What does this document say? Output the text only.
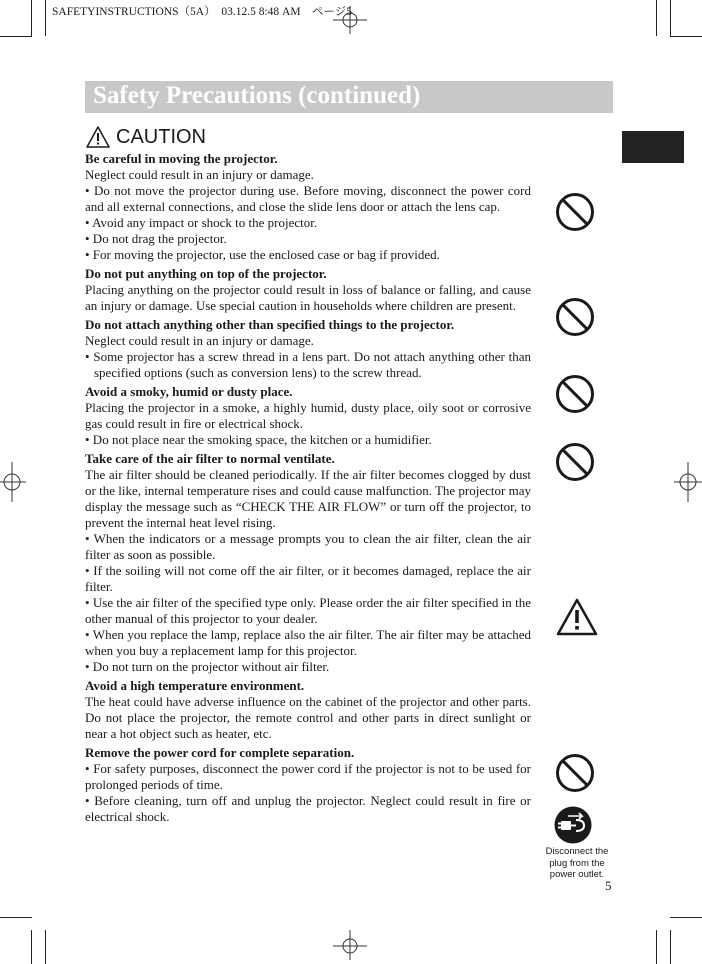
SAFETYINSTRUCTIONS（5A）　03.12.5 8:48 AM　ページ5
Safety Precautions (continued)
CAUTION
Be careful in moving the projector.

Neglect could result in an injury or damage.

• Do not move the projector during use. Before moving, disconnect the power cord and all external connections, and close the slide lens door or attach the lens cap.

• Avoid any impact or shock to the projector.

• Do not drag the projector.

• For moving the projector, use the enclosed case or bag if provided.

Do not put anything on top of the projector.

Placing anything on the projector could result in loss of balance or falling, and cause an injury or damage. Use special caution in households where children are present.

Do not attach anything other than specified things to the projector.

Neglect could result in an injury or damage.

• Some projector has a screw thread in a lens part. Do not attach anything other than specified options (such as conversion lens) to the screw thread.

Avoid a smoky, humid or dusty place.

Placing the projector in a smoke, a highly humid, dusty place, oily soot or corrosive gas could result in fire or electrical shock.

• Do not place near the smoking space, the kitchen or a humidifier.

Take care of the air filter to normal ventilate.

The air filter should be cleaned periodically. If the air filter becomes clogged by dust or the like, internal temperature rises and could cause malfunction. The projector may display the message such as “CHECK THE AIR FLOW” or turn off the projector, to prevent the internal heat level rising.

• When the indicators or a message prompts you to clean the air filter, clean the air filter as soon as possible.

• If the soiling will not come off the air filter, or it becomes damaged, replace the air filter.

• Use the air filter of the specified type only. Please order the air filter specified in the other manual of this projector to your dealer.

• When you replace the lamp, replace also the air filter. The air filter may be attached when you buy a replacement lamp for this projector.

• Do not turn on the projector without air filter.

Avoid a high temperature environment.

The heat could have adverse influence on the cabinet of the projector and other parts. Do not place the projector, the remote control and other parts in direct sunlight or near a hot object such as heater, etc.

Remove the power cord for complete separation.

• For safety purposes, disconnect the power cord if the projector is not to be used for prolonged periods of time.

• Before cleaning, turn off and unplug the projector. Neglect could result in fire or electrical shock.

Disconnect the plug from the power outlet.
5
